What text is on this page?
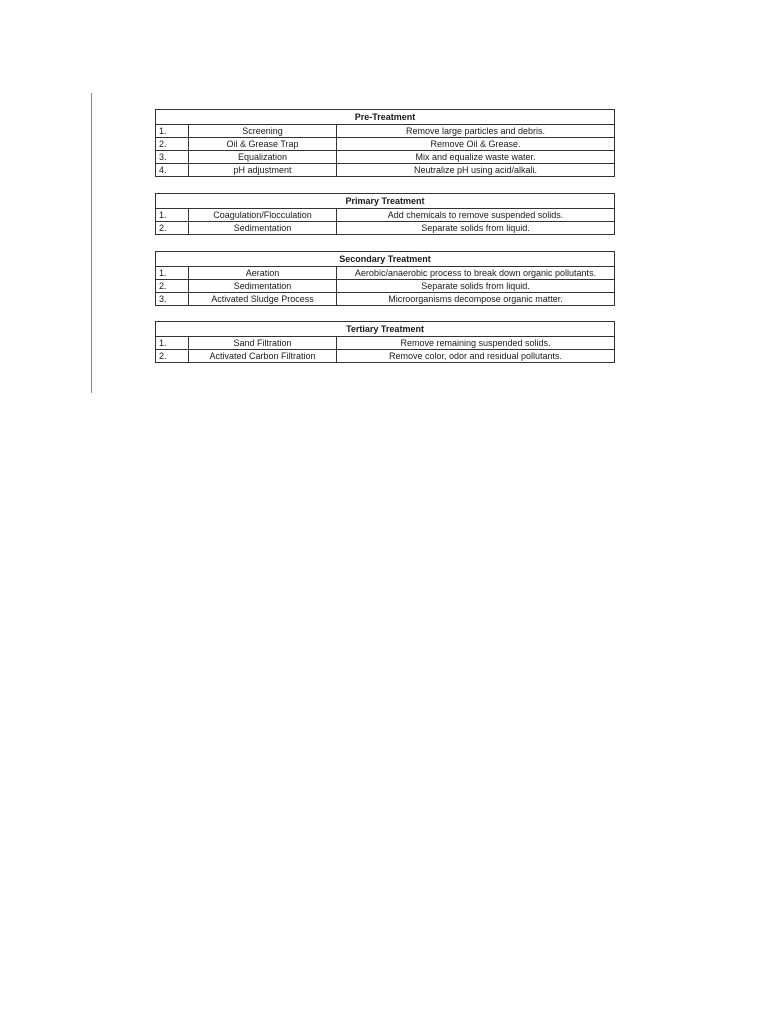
Pre-Treatment		
1.	Screening	Remove large particles and debris.
2.	Oil & Grease Trap	Remove Oil & Grease.
3.	Equalization	Mix and equalize waste water.
4.	pH adjustment	Neutralize pH using acid/alkali.
Primary Treatment		
1.	Coagulation/Flocculation	Add chemicals to remove suspended solids.
2.	Sedimentation	Separate solids from liquid.
Secondary Treatment		
1.	Aeration	Aerobic/anaerobic process to break down organic pollutants.
2.	Sedimentation	Separate solids from liquid.
3.	Activated Sludge Process	Microorganisms decompose organic matter.
Tertiary Treatment		
1.	Sand Filtration	Remove remaining suspended solids.
2.	Activated Carbon Filtration	Remove color, odor and residual pollutants.
